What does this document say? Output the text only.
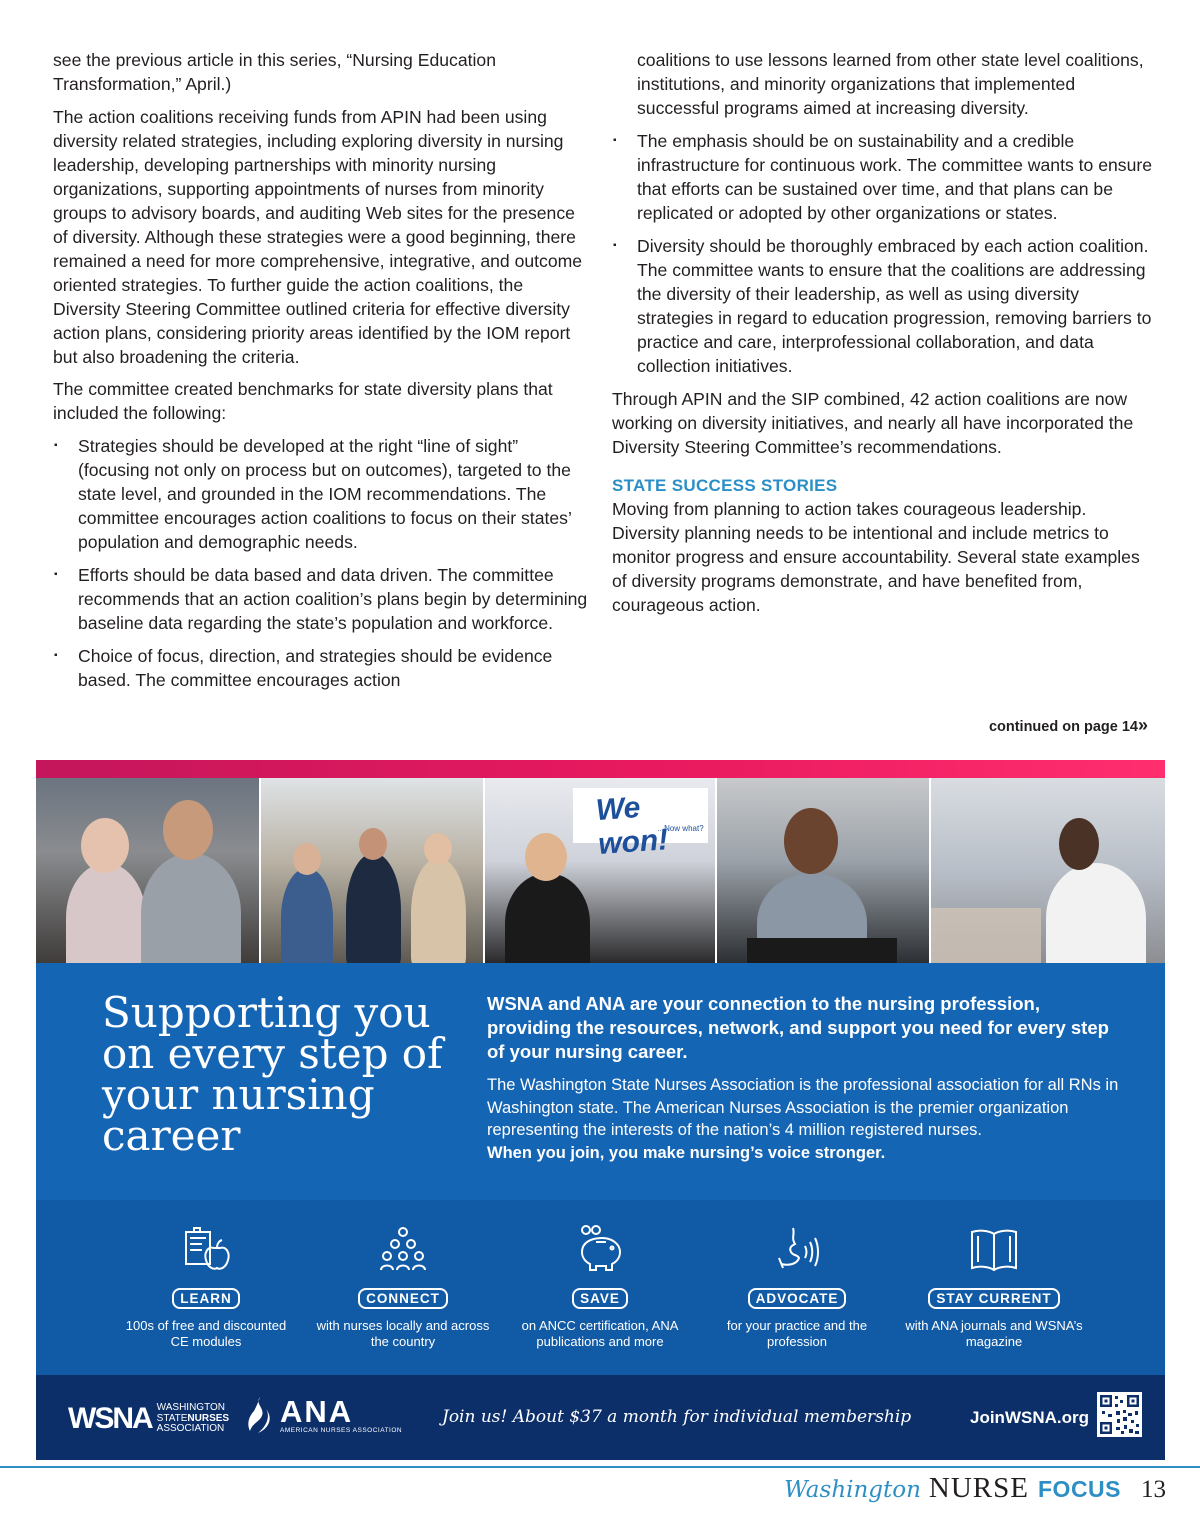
see the previous article in this series, “Nursing Education Transformation,” April.)

The action coalitions receiving funds from APIN had been using diversity related strategies, including exploring diversity in nursing leadership, developing partnerships with minority nursing organizations, supporting appointments of nurses from minority groups to advisory boards, and auditing Web sites for the presence of diversity. Although these strategies were a good beginning, there remained a need for more comprehensive, integrative, and outcome oriented strategies. To further guide the action coalitions, the Diversity Steering Committee outlined criteria for effective diversity action plans, considering priority areas identified by the IOM report but also broadening the criteria.

The committee created benchmarks for state diversity plans that included the following:

▪ Strategies should be developed at the right “line of sight” (focusing not only on process but on outcomes), targeted to the state level, and grounded in the IOM recommendations. The committee encourages action coalitions to focus on their states’ population and demographic needs.
▪ Efforts should be data based and data driven. The committee recommends that an action coalition’s plans begin by determining baseline data regarding the state’s population and workforce.
▪ Choice of focus, direction, and strategies should be evidence based. The committee encourages action
coalitions to use lessons learned from other state level coalitions, institutions, and minority organizations that implemented successful programs aimed at increasing diversity.
▪ The emphasis should be on sustainability and a credible infrastructure for continuous work. The committee wants to ensure that efforts can be sustained over time, and that plans can be replicated or adopted by other organizations or states.
▪ Diversity should be thoroughly embraced by each action coalition. The committee wants to ensure that the coalitions are addressing the diversity of their leadership, as well as using diversity strategies in regard to education progression, removing barriers to practice and care, interprofessional collaboration, and data collection initiatives.

Through APIN and the SIP combined, 42 action coalitions are now working on diversity initiatives, and nearly all have incorporated the Diversity Steering Committee’s recommendations.

STATE SUCCESS STORIES

Moving from planning to action takes courageous leadership. Diversity planning needs to be intentional and include metrics to monitor progress and ensure accountability. Several state examples of diversity programs demonstrate, and have benefited from, courageous action.

continued on page 14»
We won!
...Now what?
Supporting you on every step of your nursing career
WSNA and ANA are your connection to the nursing profession, providing the resources, network, and support you need for every step of your nursing career.
The Washington State Nurses Association is the professional association for all RNs in Washington state. The American Nurses Association is the premier organization representing the interests of the nation’s 4 million registered nurses.
When you join, you make nursing’s voice stronger.
LEARN
100s of free and discounted CE modules
CONNECT
with nurses locally and across the country
SAVE
on ANCC certification, ANA publications and more
ADVOCATE
for your practice and the profession
STAY CURRENT
with ANA journals and WSNA’s magazine
WSNA WASHINGTON
STATENURSES
ASSOCIATION
ANA
AMERICAN NURSES ASSOCIATION
Join us! About $37 a month for individual membership	JoinWSNA.org
Washington NURSE FOCUS 13
